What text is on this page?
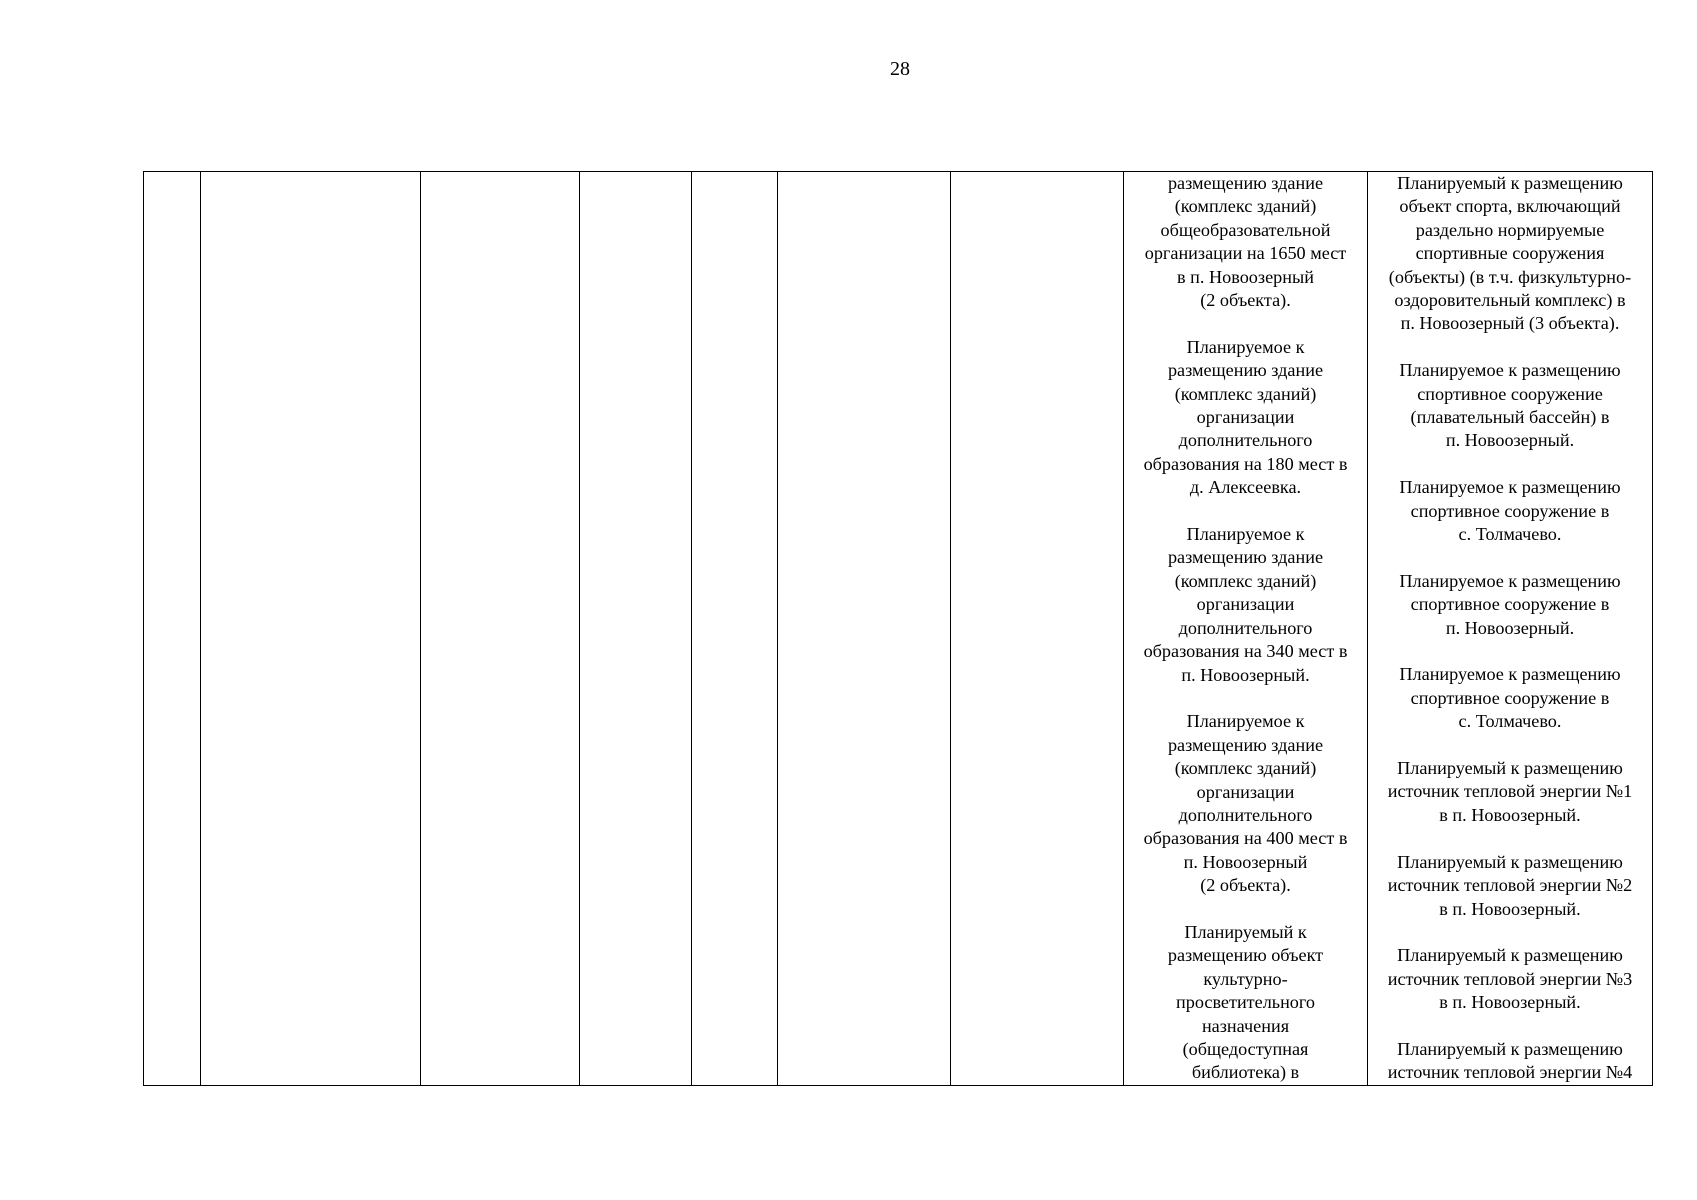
28

размещению здание
(комплекс зданий)
общеобразовательной
организации на 1650 мест
в п. Новоозерный
(2 объекта).
Планируемое к
размещению здание
(комплекс зданий)
организации
дополнительного
образования на 180 мест в
д. Алексеевка.
Планируемое к
размещению здание
(комплекс зданий)
организации
дополнительного
образования на 340 мест в
п. Новоозерный.
Планируемое к
размещению здание
(комплекс зданий)
организации
дополнительного
образования на 400 мест в
п. Новоозерный
(2 объекта).
Планируемый к
размещению объект
культурно-
просветительного
назначения
(общедоступная
библиотека) в

Планируемый к размещению
объект спорта, включающий
раздельно нормируемые
спортивные сооружения
(объекты) (в т.ч. физкультурно-
оздоровительный комплекс) в
п. Новоозерный (3 объекта).
Планируемое к размещению
спортивное сооружение
(плавательный бассейн) в
п. Новоозерный.
Планируемое к размещению
спортивное сооружение в
с. Толмачево.
Планируемое к размещению
спортивное сооружение в
п. Новоозерный.
Планируемое к размещению
спортивное сооружение в
с. Толмачево.
Планируемый к размещению
источник тепловой энергии №1
в п. Новоозерный.
Планируемый к размещению
источник тепловой энергии №2
в п. Новоозерный.
Планируемый к размещению
источник тепловой энергии №3
в п. Новоозерный.
Планируемый к размещению
источник тепловой энергии №4
